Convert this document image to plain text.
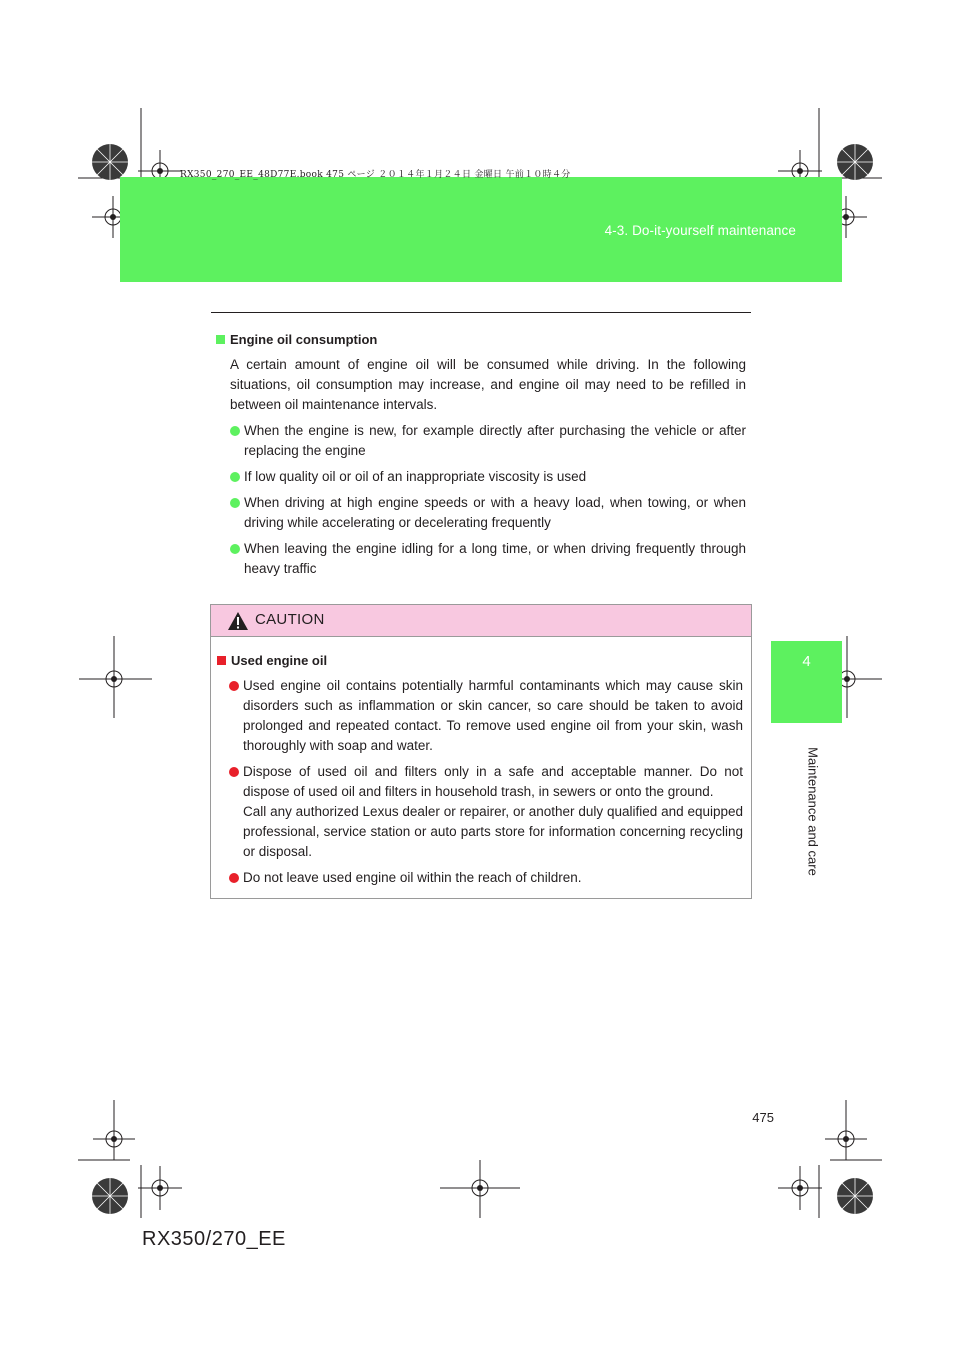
RX350_270_EE_48D77E.book 475 ページ ２０１４年１月２４日 金曜日 午前１０時４分
4-3. Do-it-yourself maintenance
4
Maintenance and care
Engine oil consumption
A certain amount of engine oil will be consumed while driving. In the following situations, oil consumption may increase, and engine oil may need to be refilled in between oil maintenance intervals.
When the engine is new, for example directly after purchasing the vehicle or after replacing the engine
If low quality oil or oil of an inappropriate viscosity is used
When driving at high engine speeds or with a heavy load, when towing, or when driving while accelerating or decelerating frequently
When leaving the engine idling for a long time, or when driving frequently through heavy traffic
CAUTION
Used engine oil
Used engine oil contains potentially harmful contaminants which may cause skin disorders such as inflammation or skin cancer, so care should be taken to avoid prolonged and repeated contact. To remove used engine oil from your skin, wash thoroughly with soap and water.
Dispose of used oil and filters only in a safe and acceptable manner. Do not dispose of used oil and filters in household trash, in sewers or onto the ground.
Call any authorized Lexus dealer or repairer, or another duly qualified and equipped professional, service station or auto parts store for information concerning recycling or disposal.
Do not leave used engine oil within the reach of children.
475
RX350/270_EE
